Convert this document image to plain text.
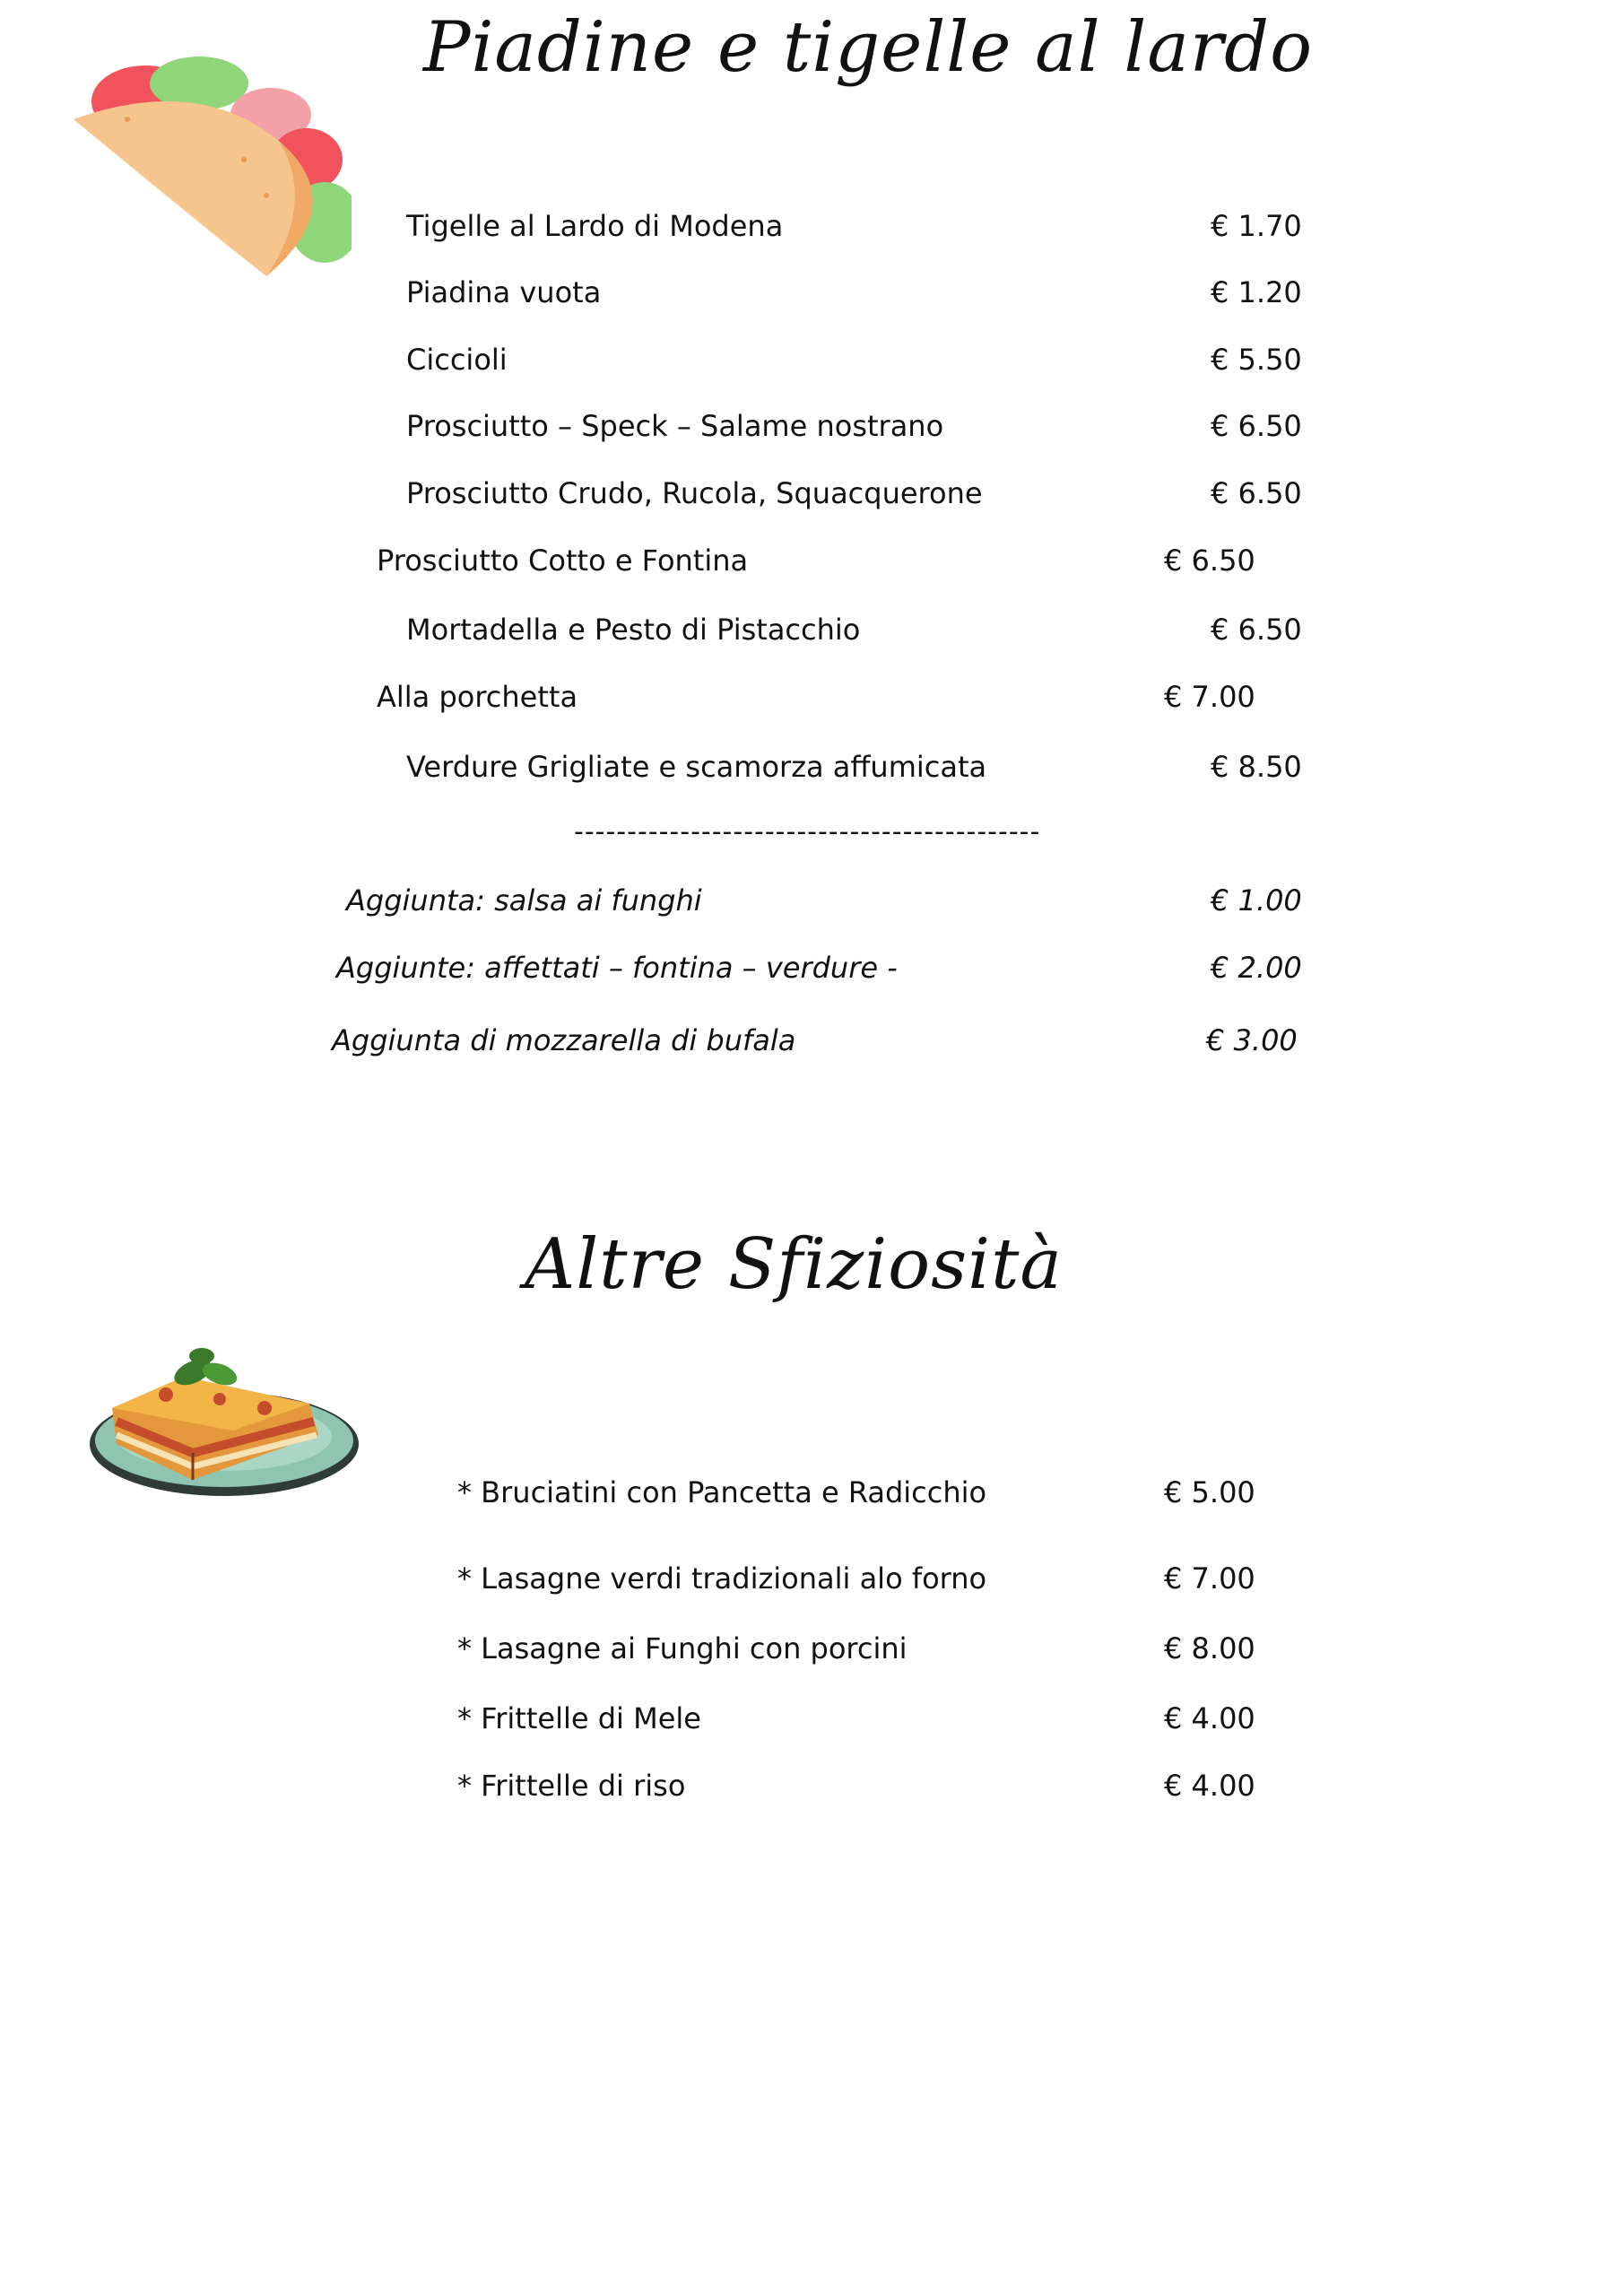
Piadine e tigelle al lardo
Tigelle al Lardo di Modena	€ 1.70
Piadina vuota	€ 1.20
Ciccioli	€ 5.50
Prosciutto – Speck – Salame nostrano	€ 6.50
Prosciutto Crudo, Rucola, Squacquerone	€ 6.50
Prosciutto Cotto e Fontina	€ 6.50
Mortadella e Pesto di Pistacchio	€ 6.50
Alla porchetta	€ 7.00
Verdure Grigliate e scamorza affumicata	€ 8.50
--------------------------------------------
Aggiunta: salsa ai funghi	€ 1.00
Aggiunte: affettati – fontina – verdure -	€ 2.00
Aggiunta di mozzarella di bufala	€ 3.00
Altre Sfiziosità
* Bruciatini con Pancetta e Radicchio	€ 5.00
* Lasagne verdi tradizionali alo forno	€ 7.00
* Lasagne ai Funghi con porcini	€ 8.00
* Frittelle di Mele	€ 4.00
* Frittelle di riso	€ 4.00
